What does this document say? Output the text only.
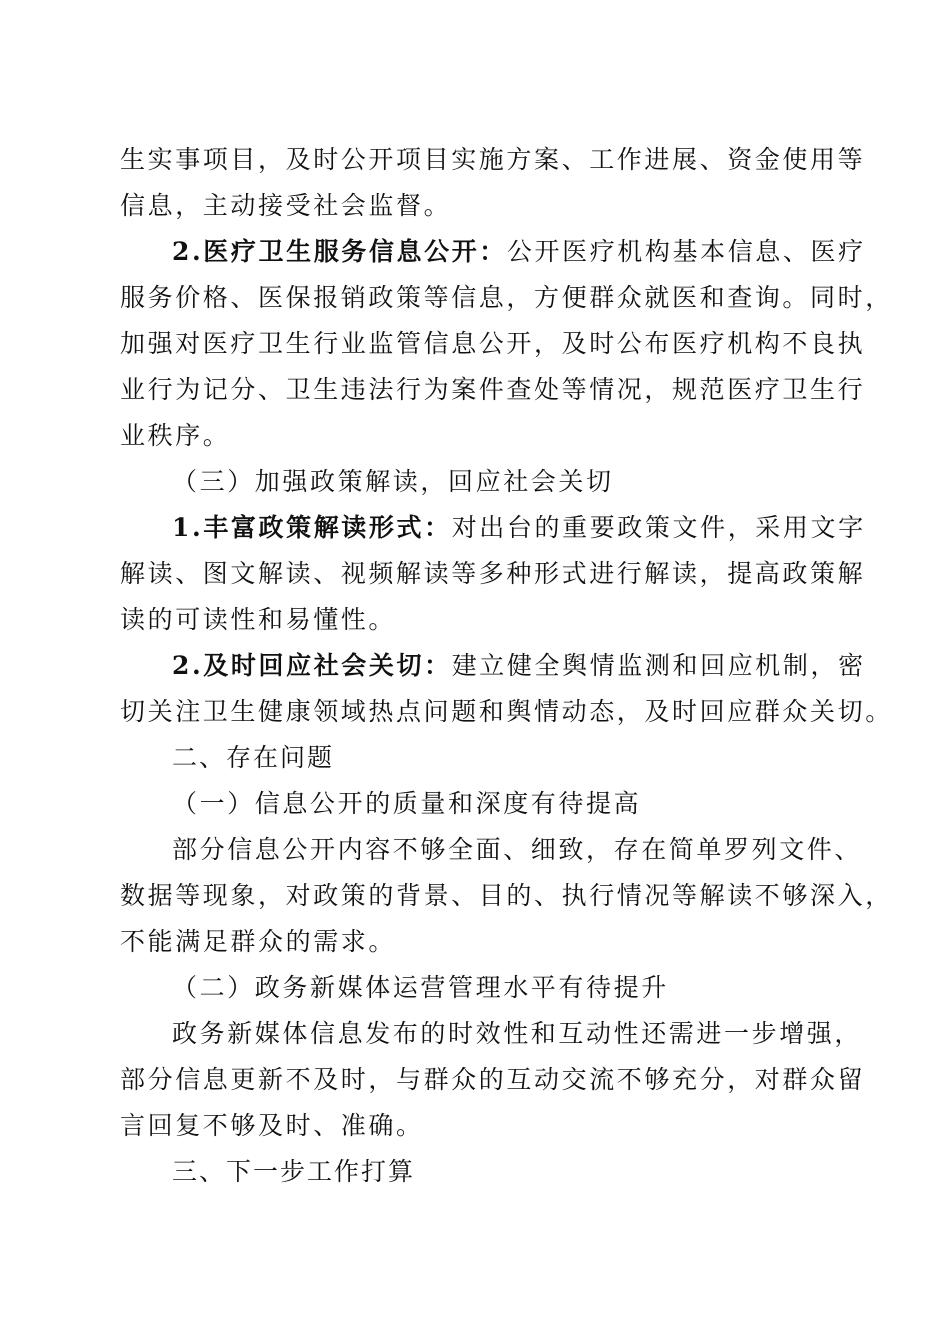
生实事项目，及时公开项目实施方案、工作进展、资金使用等
信息，主动接受社会监督。
2.医疗卫生服务信息公开：公开医疗机构基本信息、医疗
服务价格、医保报销政策等信息，方便群众就医和查询。同时，
加强对医疗卫生行业监管信息公开，及时公布医疗机构不良执
业行为记分、卫生违法行为案件查处等情况，规范医疗卫生行
业秩序。
（三）加强政策解读，回应社会关切
1.丰富政策解读形式：对出台的重要政策文件，采用文字
解读、图文解读、视频解读等多种形式进行解读，提高政策解
读的可读性和易懂性。
2.及时回应社会关切：建立健全舆情监测和回应机制，密
切关注卫生健康领域热点问题和舆情动态，及时回应群众关切。
二、存在问题
（一）信息公开的质量和深度有待提高
部分信息公开内容不够全面、细致，存在简单罗列文件、
数据等现象，对政策的背景、目的、执行情况等解读不够深入，
不能满足群众的需求。
（二）政务新媒体运营管理水平有待提升
政务新媒体信息发布的时效性和互动性还需进一步增强，
部分信息更新不及时，与群众的互动交流不够充分，对群众留
言回复不够及时、准确。
三、下一步工作打算
